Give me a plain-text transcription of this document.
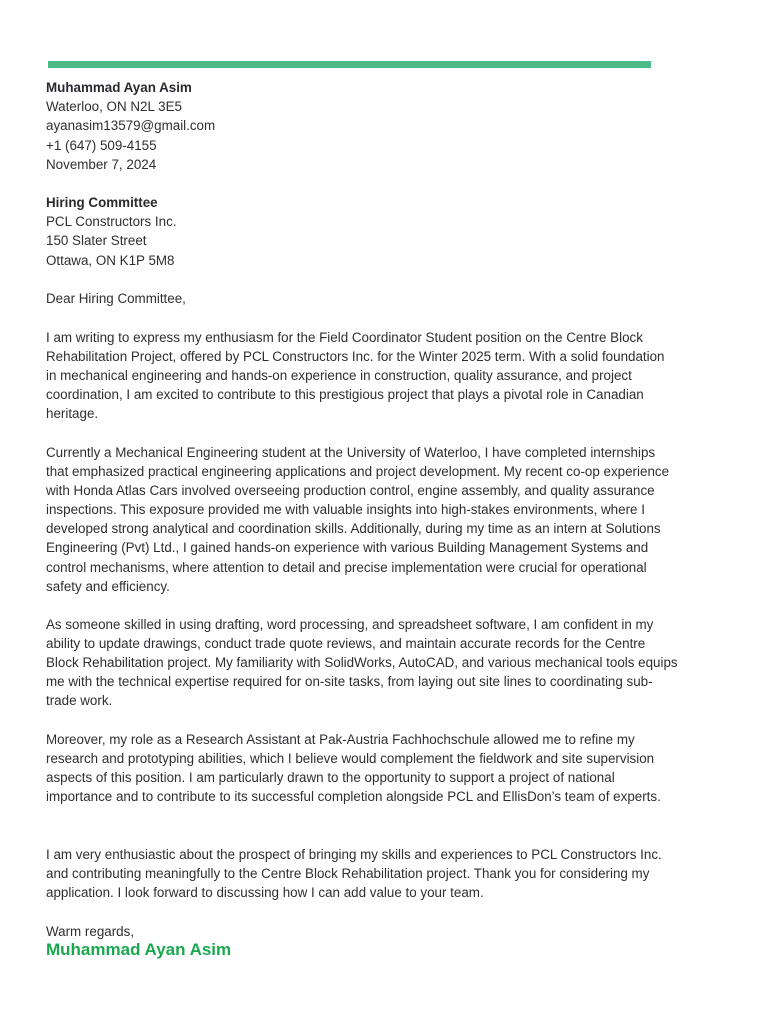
Muhammad Ayan Asim
Waterloo, ON N2L 3E5
ayanasim13579@gmail.com
+1 (647) 509-4155
November 7, 2024
Hiring Committee
PCL Constructors Inc.
150 Slater Street
Ottawa, ON K1P 5M8
Dear Hiring Committee,

I am writing to express my enthusiasm for the Field Coordinator Student position on the Centre Block Rehabilitation Project, offered by PCL Constructors Inc. for the Winter 2025 term. With a solid foundation in mechanical engineering and hands-on experience in construction, quality assurance, and project coordination, I am excited to contribute to this prestigious project that plays a pivotal role in Canadian heritage.

Currently a Mechanical Engineering student at the University of Waterloo, I have completed internships that emphasized practical engineering applications and project development. My recent co-op experience with Honda Atlas Cars involved overseeing production control, engine assembly, and quality assurance inspections. This exposure provided me with valuable insights into high-stakes environments, where I developed strong analytical and coordination skills. Additionally, during my time as an intern at Solutions Engineering (Pvt) Ltd., I gained hands-on experience with various Building Management Systems and control mechanisms, where attention to detail and precise implementation were crucial for operational safety and efficiency.

As someone skilled in using drafting, word processing, and spreadsheet software, I am confident in my ability to update drawings, conduct trade quote reviews, and maintain accurate records for the Centre Block Rehabilitation project. My familiarity with SolidWorks, AutoCAD, and various mechanical tools equips me with the technical expertise required for on-site tasks, from laying out site lines to coordinating sub-trade work.

Moreover, my role as a Research Assistant at Pak-Austria Fachhochschule allowed me to refine my research and prototyping abilities, which I believe would complement the fieldwork and site supervision aspects of this position. I am particularly drawn to the opportunity to support a project of national importance and to contribute to its successful completion alongside PCL and EllisDon’s team of experts.

I am very enthusiastic about the prospect of bringing my skills and experiences to PCL Constructors Inc. and contributing meaningfully to the Centre Block Rehabilitation project. Thank you for considering my application. I look forward to discussing how I can add value to your team.

Warm regards,
Muhammad Ayan Asim
